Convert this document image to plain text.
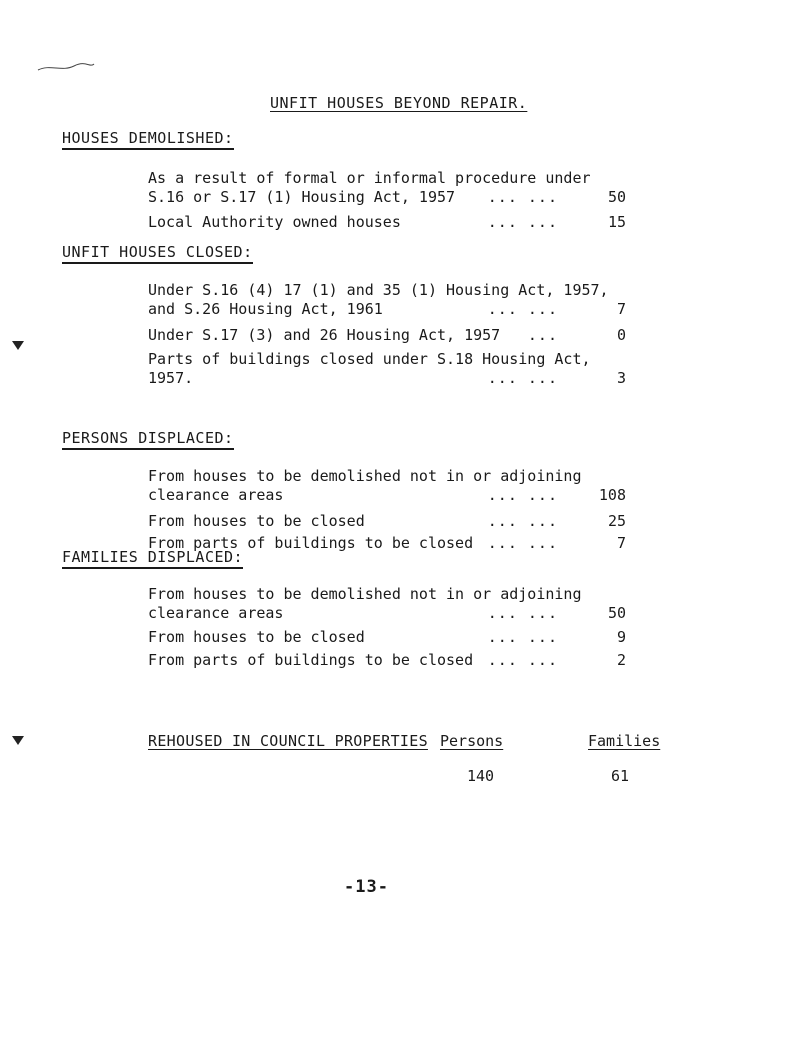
UNFIT HOUSES BEYOND REPAIR.
HOUSES DEMOLISHED:
As a result of formal or informal procedure under
S.16 or S.17 (1) Housing Act, 1957	... ...	50
Local Authority owned houses	... ...	15
UNFIT HOUSES CLOSED:
Under S.16 (4) 17 (1) and 35 (1) Housing Act, 1957,
and S.26 Housing Act, 1961	... ...	7
Under S.17 (3) and 26 Housing Act, 1957	...	0
Parts of buildings closed under S.18 Housing Act,
1957.	... ...	3
PERSONS DISPLACED:
From houses to be demolished not in or adjoining
clearance areas	... ...	108
From houses to be closed	... ...	25
From parts of buildings to be closed ... ...	7
FAMILIES DISPLACED:
From houses to be demolished not in or adjoining
clearance areas	... ...	50
From houses to be closed	... ...	9
From parts of buildings to be closed ... ...	2
REHOUSED IN COUNCIL PROPERTIES Persons	Families
140	61
-13-
